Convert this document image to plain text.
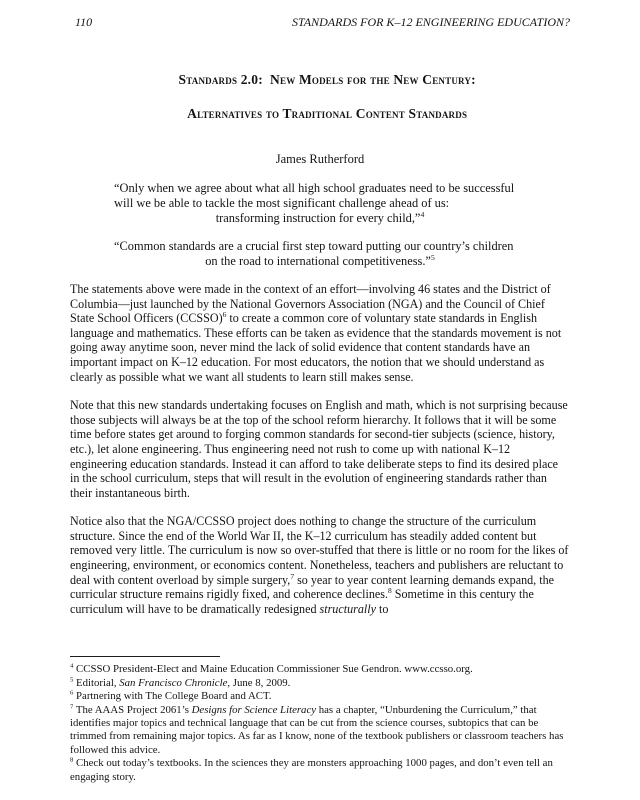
110	STANDARDS FOR K–12 ENGINEERING EDUCATION?

Standards 2.0:  New Models for the New Century:

Alternatives to Traditional Content Standards

James Rutherford
“Only when we agree about what all high school graduates need to be successful
will we be able to tackle the most significant challenge ahead of us:
transforming instruction for every child,”$^4$
“Common standards are a crucial first step toward putting our country’s children
on the road to international competitiveness.”$^5$

The statements above were made in the context of an effort—involving 46 states and the District of Columbia—just launched by the National Governors Association (NGA) and the Council of Chief State School Officers (CCSSO)$^6$ to create a common core of voluntary state standards in English language and mathematics. These efforts can be taken as evidence that the standards movement is not going away anytime soon, never mind the lack of solid evidence that content standards have an important impact on K–12 education. For most educators, the notion that we should understand as clearly as possible what we want all students to learn still makes sense.

Note that this new standards undertaking focuses on English and math, which is not surprising because those subjects will always be at the top of the school reform hierarchy. It follows that it will be some time before states get around to forging common standards for second-tier subjects (science, history, etc.), let alone engineering. Thus engineering need not rush to come up with national K–12 engineering education standards. Instead it can afford to take deliberate steps to find its desired place in the school curriculum, steps that will result in the evolution of engineering standards rather than their instantaneous birth.

Notice also that the NGA/CCSSO project does nothing to change the structure of the curriculum structure. Since the end of the World War II, the K–12 curriculum has steadily added content but removed very little. The curriculum is now so over-stuffed that there is little or no room for the likes of engineering, environment, or economics content. Nonetheless, teachers and publishers are reluctant to deal with content overload by simple surgery,$^7$ so year to year content learning demands expand, the curricular structure remains rigidly fixed, and coherence declines.$^8$ Sometime in this century the curriculum will have to be dramatically redesigned structurally to

$^4$ CCSSO President-Elect and Maine Education Commissioner Sue Gendron. www.ccsso.org.
$^5$ Editorial, San Francisco Chronicle, June 8, 2009.
$^6$ Partnering with The College Board and ACT.
$^7$ The AAAS Project 2061’s Designs for Science Literacy has a chapter, “Unburdening the Curriculum,” that identifies major topics and technical language that can be cut from the science courses, subtopics that can be trimmed from remaining major topics. As far as I know, none of the textbook publishers or classroom teachers has followed this advice.
$^8$ Check out today’s textbooks. In the sciences they are monsters approaching 1000 pages, and don’t even tell an engaging story.
